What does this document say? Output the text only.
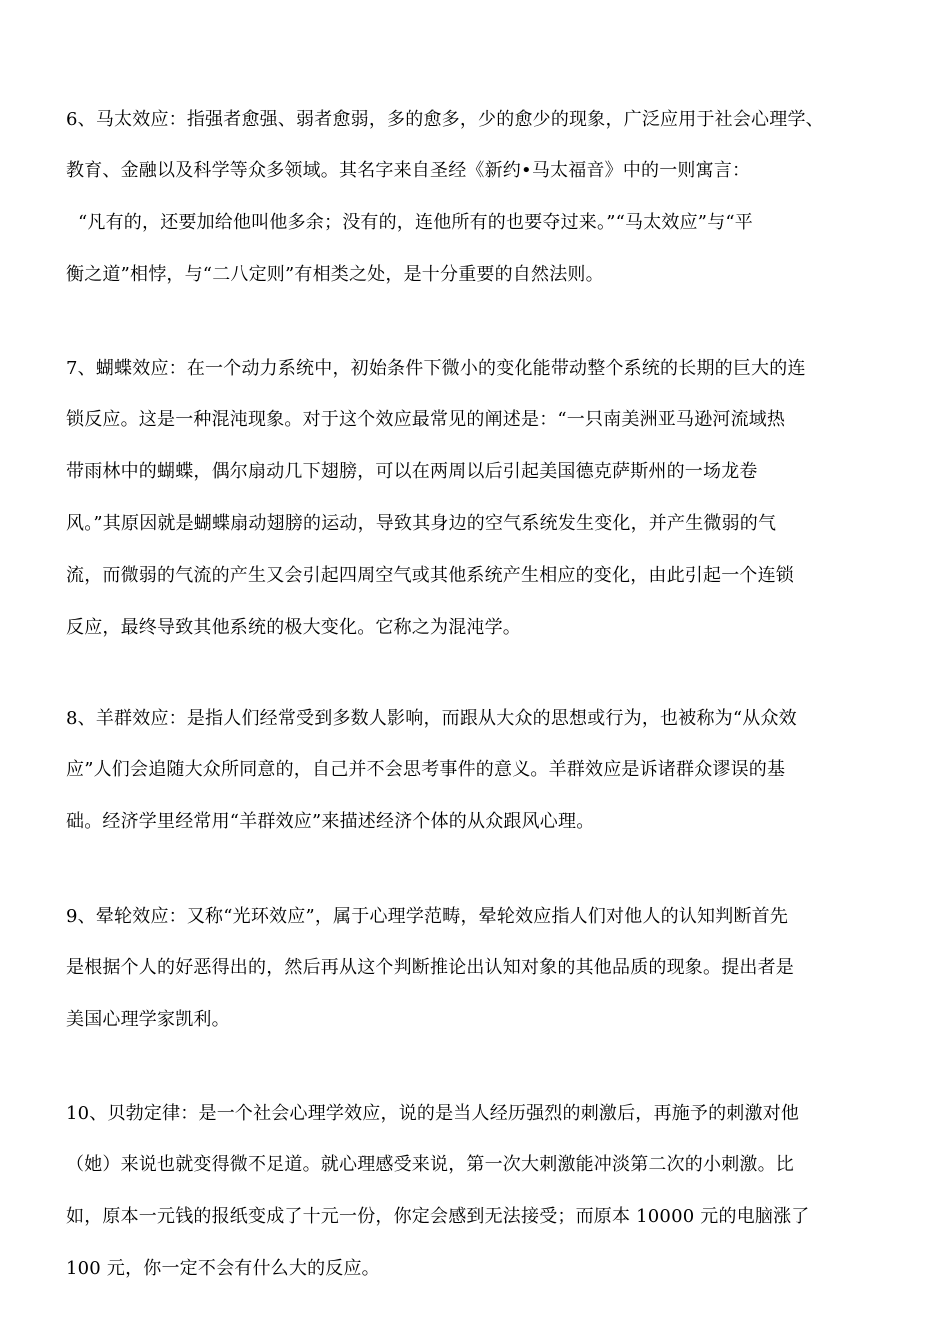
6、马太效应：指强者愈强、弱者愈弱，多的愈多，少的愈少的现象，广泛应用于社会心理学、
教育、金融以及科学等众多领域。其名字来自圣经《新约•马太福音》中的一则寓言：
“凡有的，还要加给他叫他多余；没有的，连他所有的也要夺过来。”“马太效应”与“平
衡之道”相悖，与“二八定则”有相类之处，是十分重要的自然法则。
7、蝴蝶效应：在一个动力系统中，初始条件下微小的变化能带动整个系统的长期的巨大的连
锁反应。这是一种混沌现象。对于这个效应最常见的阐述是：“一只南美洲亚马逊河流域热
带雨林中的蝴蝶，偶尔扇动几下翅膀，可以在两周以后引起美国德克萨斯州的一场龙卷
风。”其原因就是蝴蝶扇动翅膀的运动，导致其身边的空气系统发生变化，并产生微弱的气
流，而微弱的气流的产生又会引起四周空气或其他系统产生相应的变化，由此引起一个连锁
反应，最终导致其他系统的极大变化。它称之为混沌学。
8、羊群效应：是指人们经常受到多数人影响，而跟从大众的思想或行为，也被称为“从众效
应”人们会追随大众所同意的，自己并不会思考事件的意义。羊群效应是诉诸群众谬误的基
础。经济学里经常用“羊群效应”来描述经济个体的从众跟风心理。
9、晕轮效应：又称“光环效应”，属于心理学范畴，晕轮效应指人们对他人的认知判断首先
是根据个人的好恶得出的，然后再从这个判断推论出认知对象的其他品质的现象。提出者是
美国心理学家凯利。
10、贝勃定律：是一个社会心理学效应，说的是当人经历强烈的刺激后，再施予的刺激对他
（她）来说也就变得微不足道。就心理感受来说，第一次大刺激能冲淡第二次的小刺激。比
如，原本一元钱的报纸变成了十元一份，你定会感到无法接受；而原本 10000 元的电脑涨了
100 元，你一定不会有什么大的反应。
